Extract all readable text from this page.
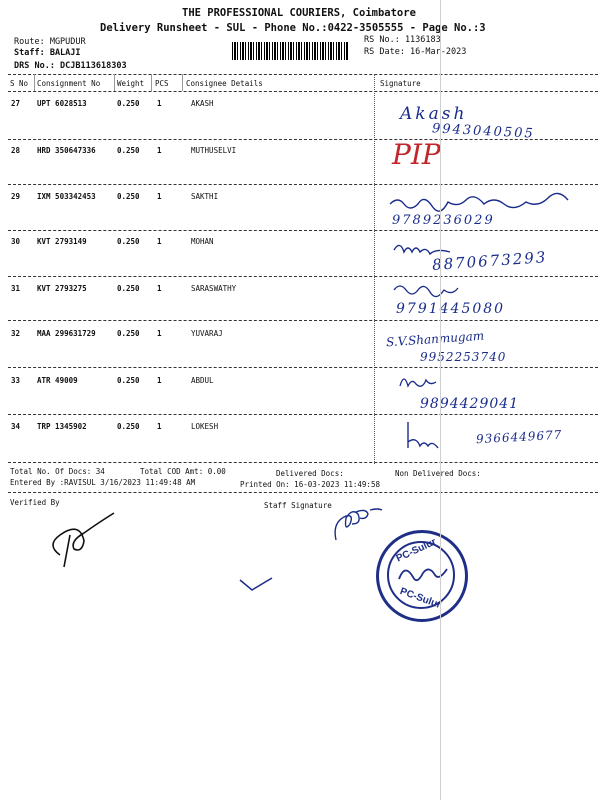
THE PROFESSIONAL COURIERS, Coimbatore
Delivery Runsheet - SUL - Phone No.:0422-3505555 - Page No.:3
Route: MGPUDUR
Staff: BALAJI
DRS No.: DCJB113618303
RS No.: 1136183
RS Date: 16-Mar-2023
S No Consignment No Weight PCS Consignee Details	Signature
27 UPT 6028513	0.250 1	AKASH
Akash
9943040505
28 HRD 350647336	0.250 1	MUTHUSELVI	PIP
29 IXM 503342453	0.250 1	SAKTHI
9789236029
30 KVT 2793149	0.250 1	MOHAN
8870673293
31 KVT 2793275	0.250 1	SARASWATHY
9791445080
32 MAA 299631729	0.250 1	YUVARAJ	S.V.Shanmugam
9952253740
33 ATR 49009	0.250 1	ABDUL
9894429041
34 TRP 1345902	0.250 1	LOKESH
9366449677
Total No. Of Docs: 34	Total COD Amt: 0.00	Delivered Docs:	Non Delivered Docs:
Entered By :RAVISUL 3/16/2023 11:49:48 AM	Printed On: 16-03-2023 11:49:58
Verified By	Staff Signature
PC-Sulur
PC-Sulur
